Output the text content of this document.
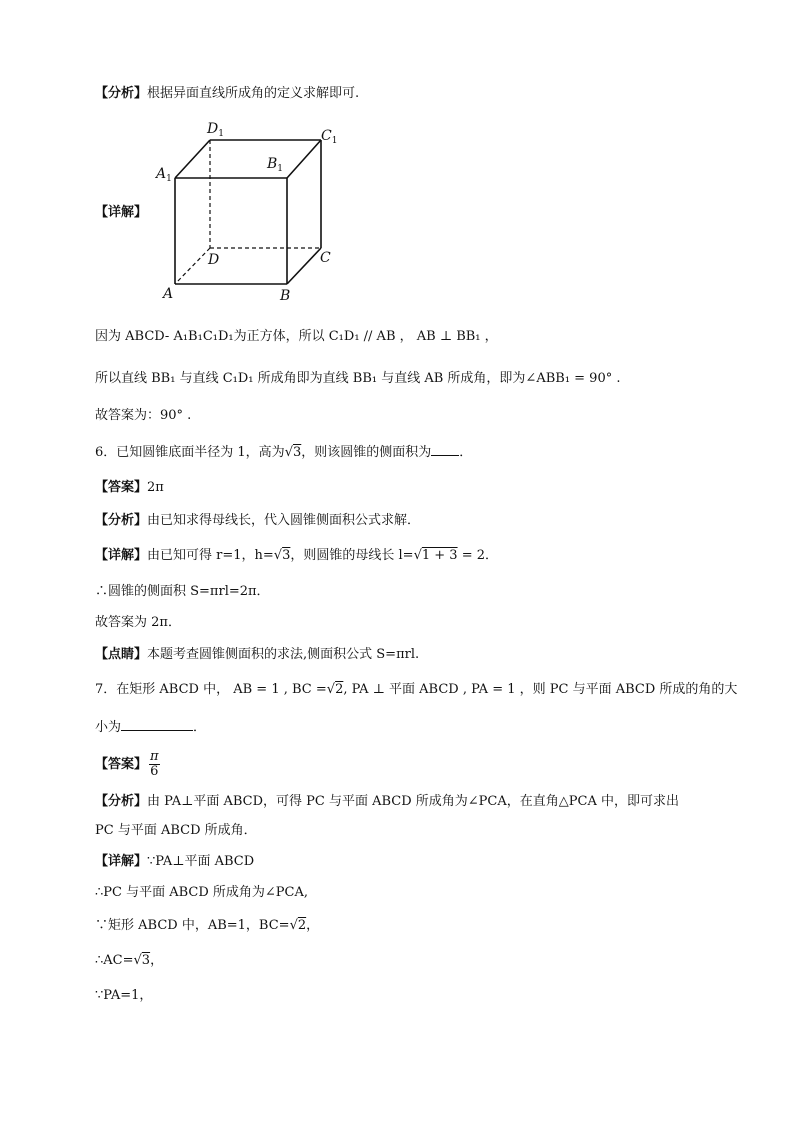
【分析】根据异面直线所成角的定义求解即可.
$D_1$	$C_1$
$A_1$
$B_1$
D	C
A	B
【详解】
因为 ABCD- A₁B₁C₁D₁为正方体，所以 C₁D₁ // AB ， AB ⊥ BB₁ ，
所以直线 BB₁ 与直线 C₁D₁ 所成角即为直线 BB₁ 与直线 AB 所成角，即为∠ABB₁ = 90° .
故答案为：90° .
6．已知圆锥底面半径为 1，高为√3，则该圆锥的侧面积为 ．
【答案】2π
【分析】由已知求得母线长，代入圆锥侧面积公式求解．
【详解】由已知可得 r=1，h=√3，则圆锥的母线长 l=√1 + 3 = 2．
∴圆锥的侧面积 S=πrl=2π．
故答案为 2π．
【点睛】本题考查圆锥侧面积的求法,侧面积公式 S=πrl.
7．在矩形 ABCD 中， AB = 1 , BC =√2, PA ⊥ 平面 ABCD , PA = 1 ，则 PC 与平面 ABCD 所成的角的大
小为	．
【答案】 $\frac{\pi}{6}$
【分析】由 PA⊥平面 ABCD，可得 PC 与平面 ABCD 所成角为∠PCA，在直角△PCA 中，即可求出
PC 与平面 ABCD 所成角．
【详解】∵PA⊥平面 ABCD
∴PC 与平面 ABCD 所成角为∠PCA,
∵矩形 ABCD 中，AB=1，BC=√2，
∴AC=√3，
∵PA=1，
